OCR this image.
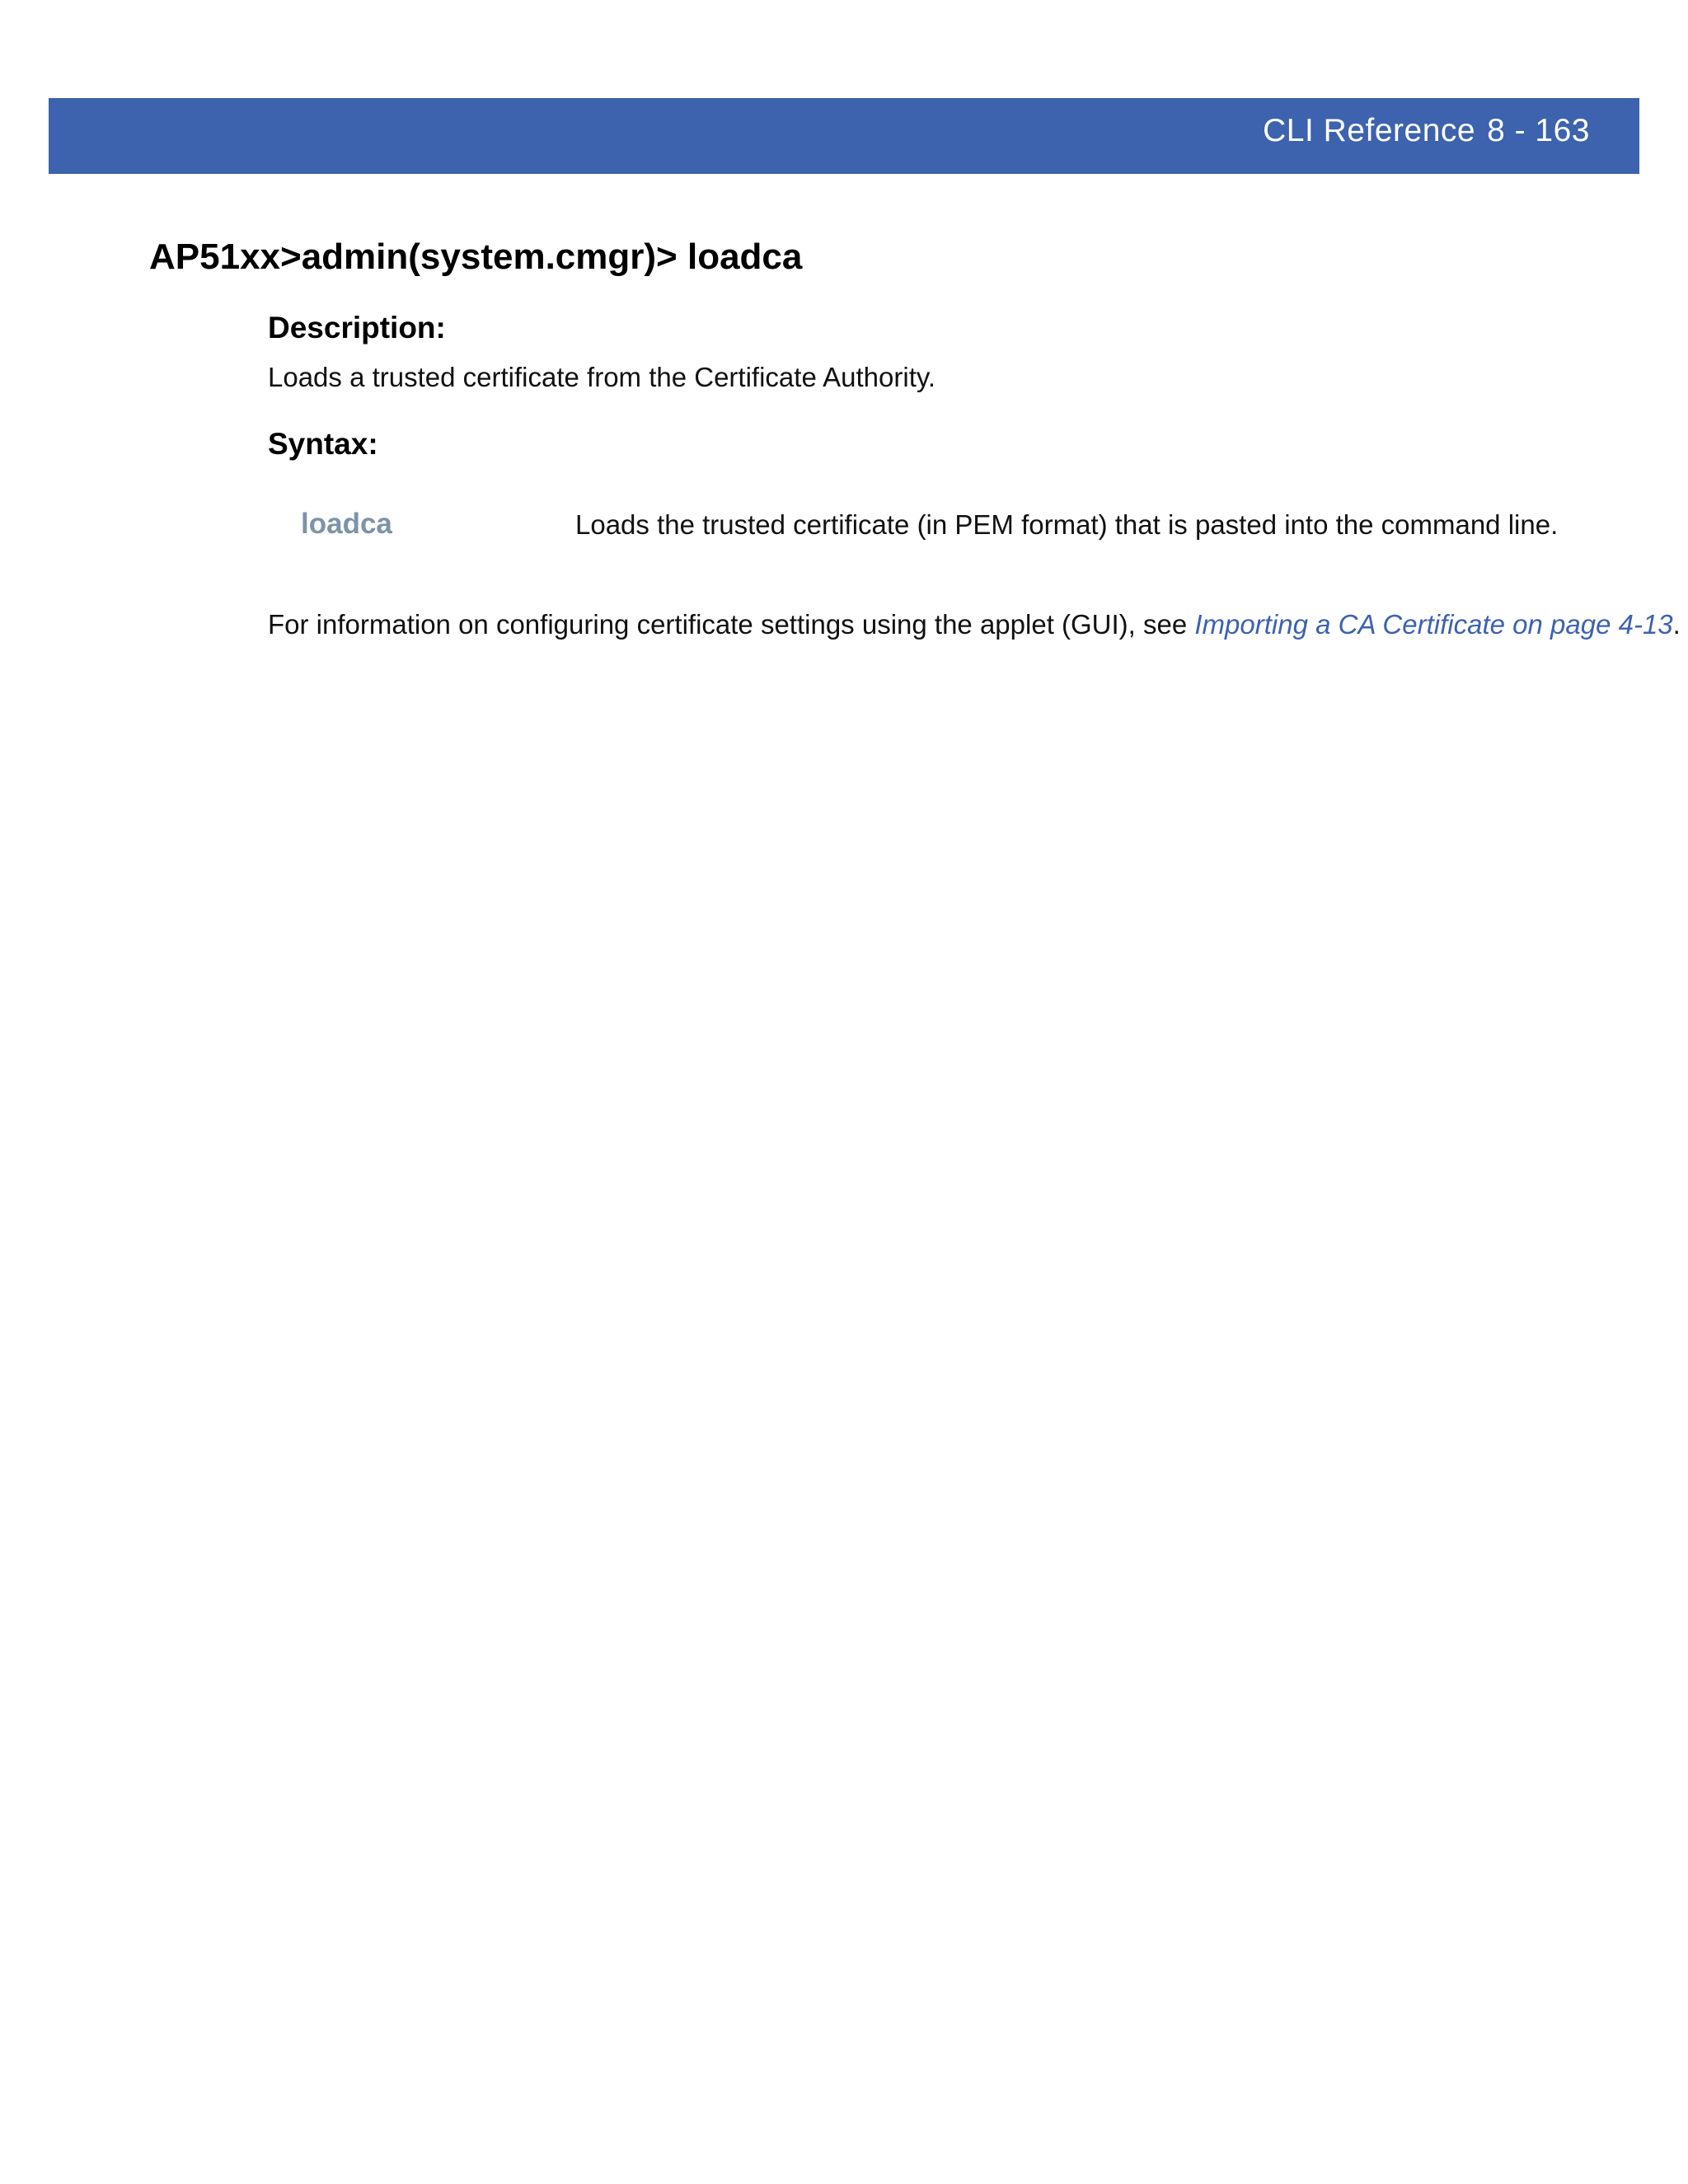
CLI Reference 8 - 163
AP51xx>admin(system.cmgr)> loadca
Description:

Loads a trusted certificate from the Certificate Authority.

Syntax:
loadca	Loads the trusted certificate (in PEM format) that is pasted into the command line.

For information on configuring certificate settings using the applet (GUI), see Importing a CA Certificate on page 4-13.
